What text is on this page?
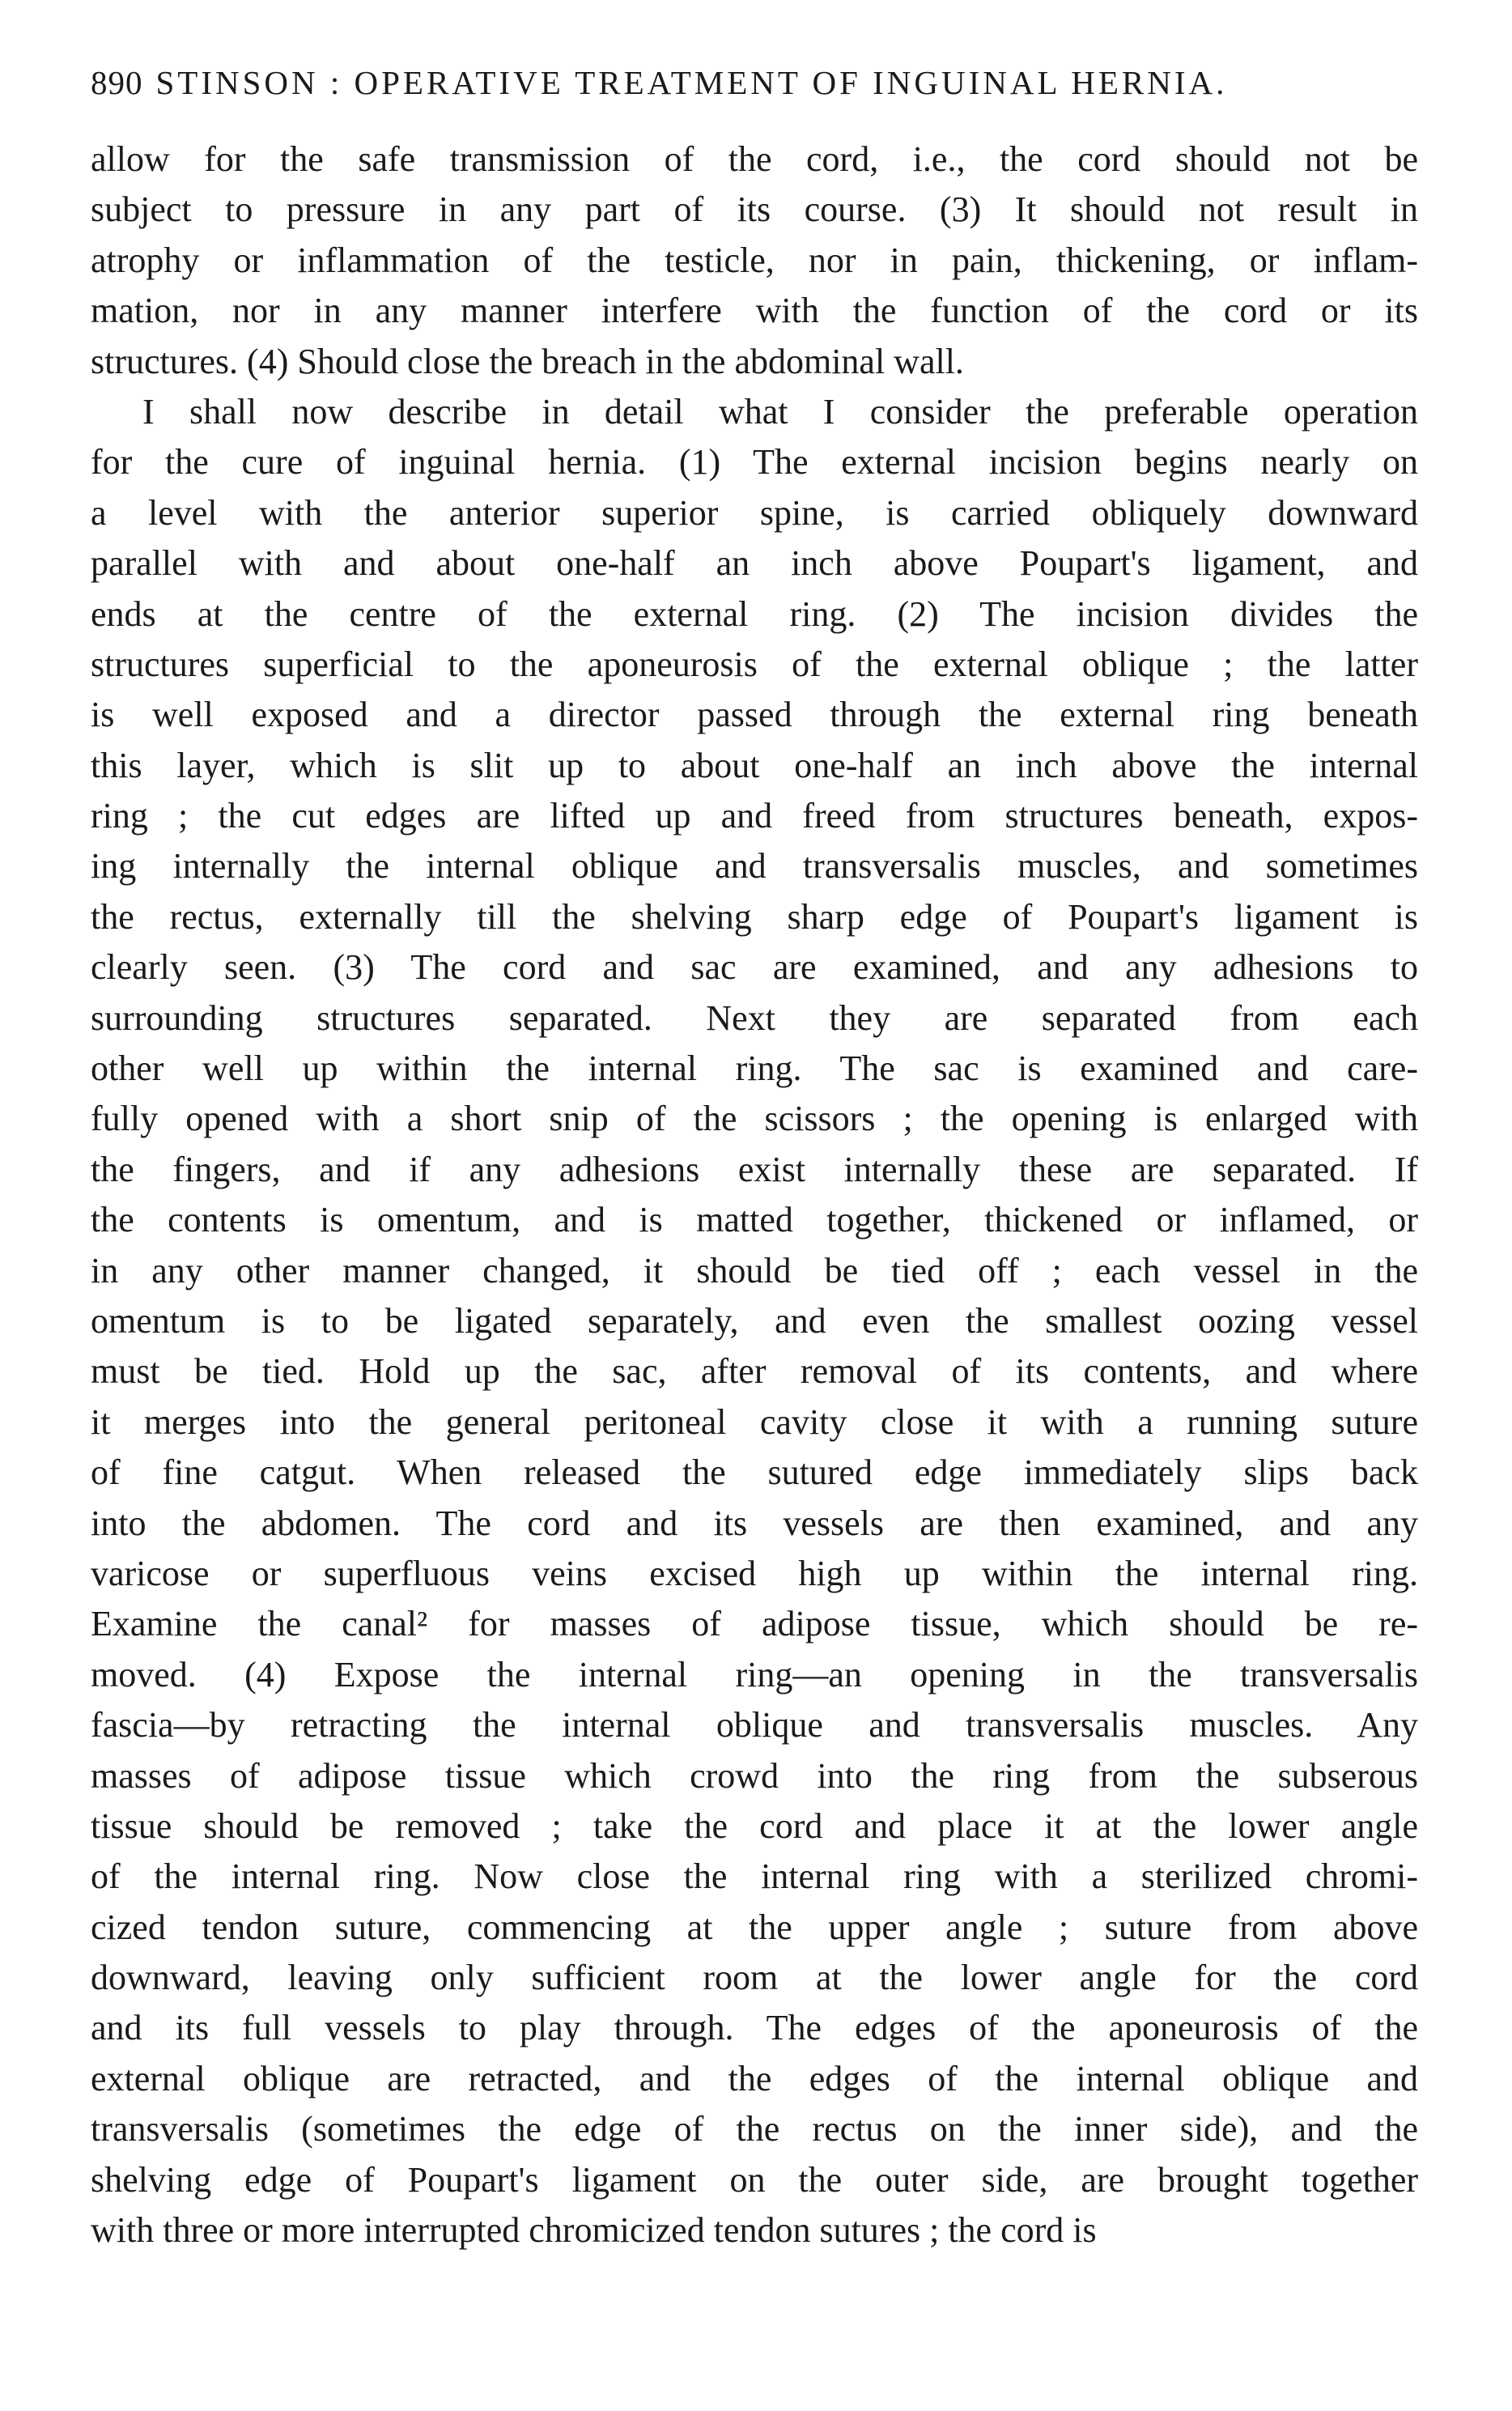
890 STINSON : OPERATIVE TREATMENT OF INGUINAL HERNIA.
allow for the safe transmission of the cord, i.e., the cord should not be
subject to pressure in any part of its course. (3) It should not result in
atrophy or inflammation of the testicle, nor in pain, thickening, or inflam-
mation, nor in any manner interfere with the function of the cord or its
structures. (4) Should close the breach in the abdominal wall.
I shall now describe in detail what I consider the preferable operation
for the cure of inguinal hernia. (1) The external incision begins nearly on
a level with the anterior superior spine, is carried obliquely downward
parallel with and about one-half an inch above Poupart's ligament, and
ends at the centre of the external ring. (2) The incision divides the
structures superficial to the aponeurosis of the external oblique ; the latter
is well exposed and a director passed through the external ring beneath
this layer, which is slit up to about one-half an inch above the internal
ring ; the cut edges are lifted up and freed from structures beneath, expos-
ing internally the internal oblique and transversalis muscles, and sometimes
the rectus, externally till the shelving sharp edge of Poupart's ligament is
clearly seen. (3) The cord and sac are examined, and any adhesions to
surrounding structures separated. Next they are separated from each
other well up within the internal ring. The sac is examined and care-
fully opened with a short snip of the scissors ; the opening is enlarged with
the fingers, and if any adhesions exist internally these are separated. If
the contents is omentum, and is matted together, thickened or inflamed, or
in any other manner changed, it should be tied off ; each vessel in the
omentum is to be ligated separately, and even the smallest oozing vessel
must be tied. Hold up the sac, after removal of its contents, and where
it merges into the general peritoneal cavity close it with a running suture
of fine catgut. When released the sutured edge immediately slips back
into the abdomen. The cord and its vessels are then examined, and any
varicose or superfluous veins excised high up within the internal ring.
Examine the canal² for masses of adipose tissue, which should be re-
moved. (4) Expose the internal ring—an opening in the transversalis
fascia—by retracting the internal oblique and transversalis muscles. Any
masses of adipose tissue which crowd into the ring from the subserous
tissue should be removed ; take the cord and place it at the lower angle
of the internal ring. Now close the internal ring with a sterilized chromi-
cized tendon suture, commencing at the upper angle ; suture from above
downward, leaving only sufficient room at the lower angle for the cord
and its full vessels to play through. The edges of the aponeurosis of the
external oblique are retracted, and the edges of the internal oblique and
transversalis (sometimes the edge of the rectus on the inner side), and the
shelving edge of Poupart's ligament on the outer side, are brought together
with three or more interrupted chromicized tendon sutures ; the cord is
